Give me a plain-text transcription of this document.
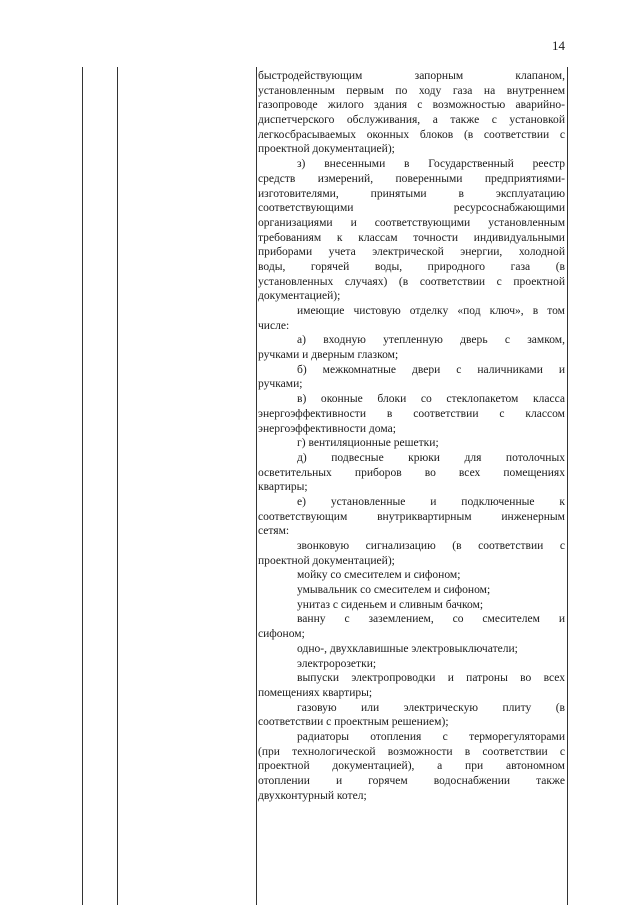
14

быстродействующим запорным клапаном,

установленным первым по ходу газа на внутреннем

газопроводе жилого здания с возможностью аварийно-

диспетчерского обслуживания, а также с установкой

легкосбрасываемых оконных блоков (в соответствии с

проектной документацией);

з) внесенными в Государственный реестр

средств измерений, поверенными предприятиями-

изготовителями, принятыми в эксплуатацию

соответствующими ресурсоснабжающими

организациями и соответствующими установленным

требованиям к классам точности индивидуальными

приборами учета электрической энергии, холодной

воды, горячей воды, природного газа (в

установленных случаях) (в соответствии с проектной

документацией);

имеющие чистовую отделку «под ключ», в том

числе:

а) входную утепленную дверь с замком,

ручками и дверным глазком;

б) межкомнатные двери с наличниками и

ручками;

в) оконные блоки со стеклопакетом класса

энергоэффективности в соответствии с классом

энергоэффективности дома;

г) вентиляционные решетки;

д) подвесные крюки для потолочных

осветительных приборов во всех помещениях

квартиры;

е) установленные и подключенные к

соответствующим внутриквартирным инженерным

сетям:

звонковую сигнализацию (в соответствии с

проектной документацией);

мойку со смесителем и сифоном;

умывальник со смесителем и сифоном;

унитаз с сиденьем и сливным бачком;

ванну с заземлением, со смесителем и

сифоном;

одно-, двухклавишные электровыключатели;

электророзетки;

выпуски электропроводки и патроны во всех

помещениях квартиры;

газовую или электрическую плиту (в

соответствии с проектным решением);

радиаторы отопления с терморегуляторами

(при технологической возможности в соответствии с

проектной документацией), а при автономном

отоплении и горячем водоснабжении также

двухконтурный котел;
